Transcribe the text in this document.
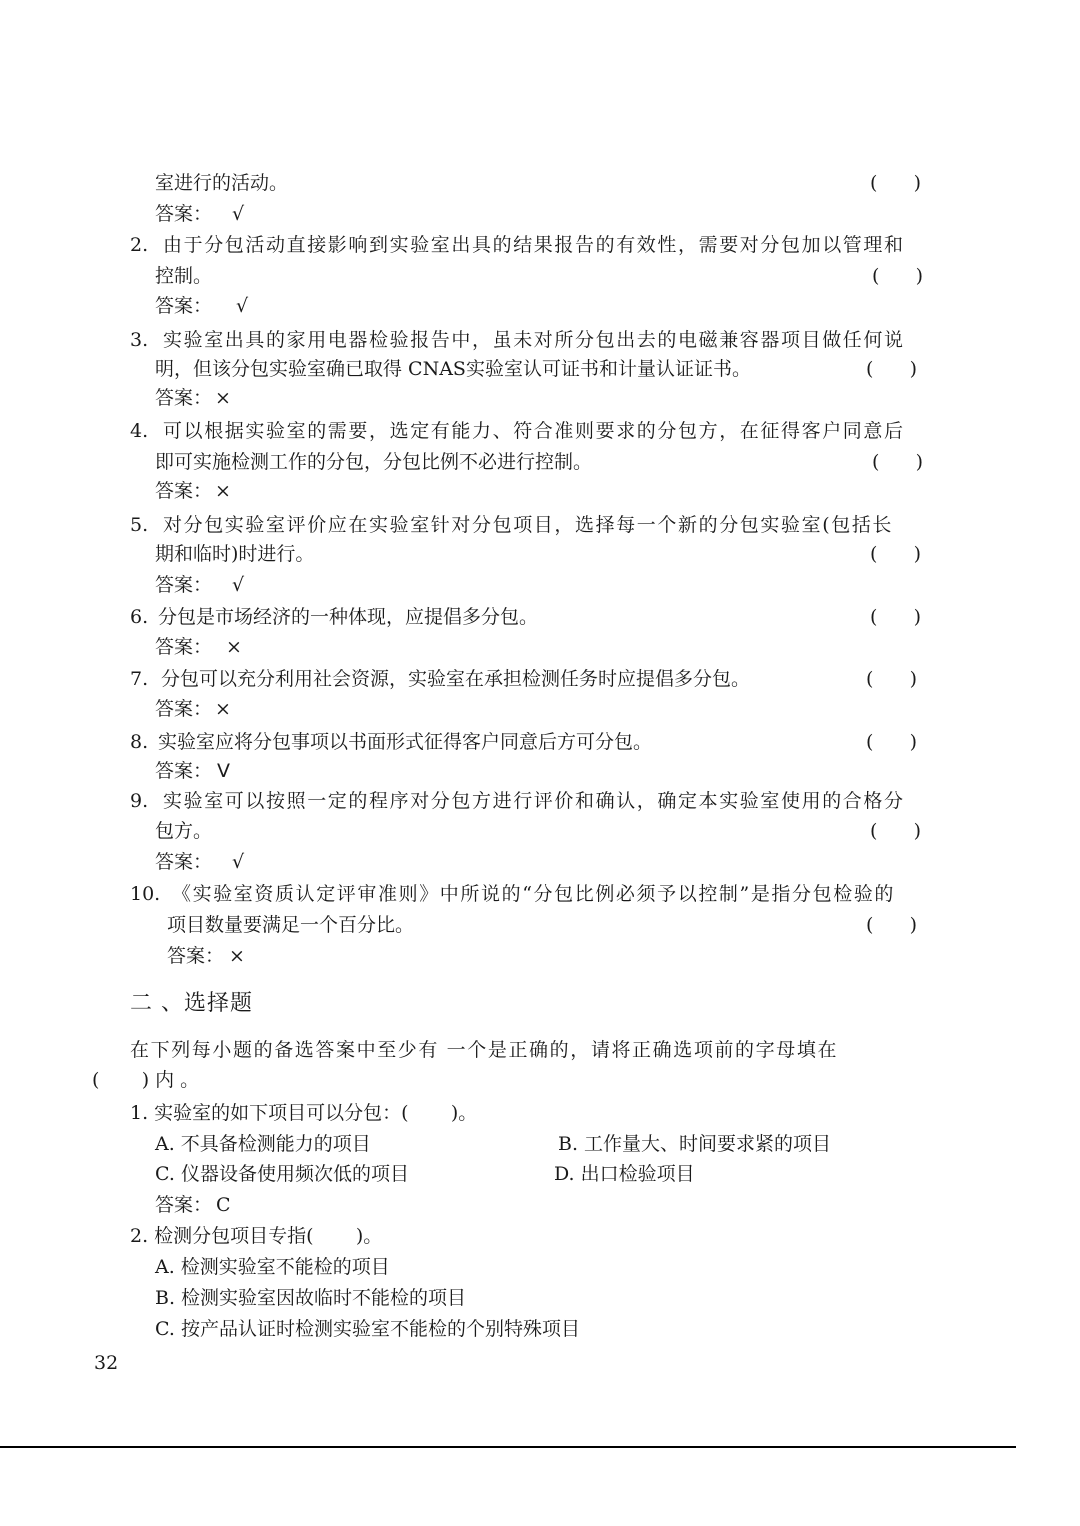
室进行的活动。	(      )
答案： √
2. 由于分包活动直接影响到实验室出具的结果报告的有效性，需要对分包加以管理和
控制。	(      )
答案： √
3. 实验室出具的家用电器检验报告中，虽未对所分包出去的电磁兼容器项目做任何说
明，但该分包实验室确已取得 CNAS实验室认可证书和计量认证证书。	(      )
答案： ×
4. 可以根据实验室的需要，选定有能力、符合准则要求的分包方，在征得客户同意后
即可实施检测工作的分包，分包比例不必进行控制。	(      )
答案： ×
5. 对分包实验室评价应在实验室针对分包项目，选择每一个新的分包实验室(包括长
期和临时)时进行。	(      )
答案： √
6. 分包是市场经济的一种体现，应提倡多分包。	(      )
答案： ×
7. 分包可以充分利用社会资源，实验室在承担检测任务时应提倡多分包。	(      )
答案： ×
8. 实验室应将分包事项以书面形式征得客户同意后方可分包。	(      )
答案： V
9. 实验室可以按照一定的程序对分包方进行评价和确认，确定本实验室使用的合格分
包方。	(      )
答案： √
10. 《实验室资质认定评审准则》中所说的“分包比例必须予以控制”是指分包检验的
项目数量要满足一个百分比。	(      )
答案： ×
二 、选择题
在下列每小题的备选答案中至少有 一个是正确的，请将正确选项前的字母填在
(       ) 内 。
1. 实验室的如下项目可以分包：(       )。
A. 不具备检测能力的项目	B. 工作量大、时间要求紧的项目
C. 仪器设备使用频次低的项目	D. 出口检验项目
答案： C
2. 检测分包项目专指(       )。
A. 检测实验室不能检的项目
B. 检测实验室因故临时不能检的项目
C. 按产品认证时检测实验室不能检的个别特殊项目
32
